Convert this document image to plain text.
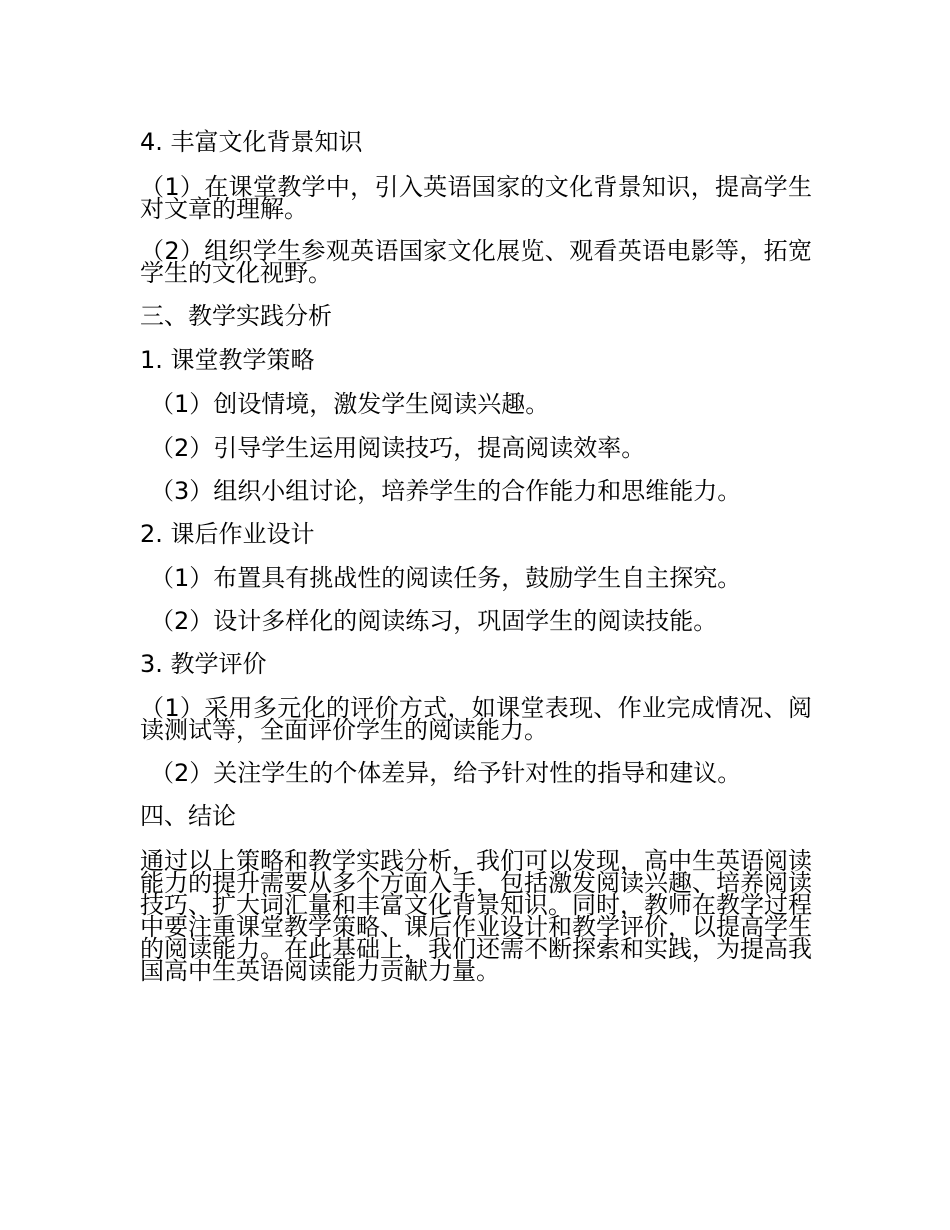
4. 丰富文化背景知识
（1）在课堂教学中，引入英语国家的文化背景知识，提高学生对文章的理解。
（2）组织学生参观英语国家文化展览、观看英语电影等，拓宽学生的文化视野。
三、教学实践分析
1. 课堂教学策略
（1）创设情境，激发学生阅读兴趣。
（2）引导学生运用阅读技巧，提高阅读效率。
（3）组织小组讨论，培养学生的合作能力和思维能力。
2. 课后作业设计
（1）布置具有挑战性的阅读任务，鼓励学生自主探究。
（2）设计多样化的阅读练习，巩固学生的阅读技能。
3. 教学评价
（1）采用多元化的评价方式，如课堂表现、作业完成情况、阅读测试等，全面评价学生的阅读能力。
（2）关注学生的个体差异，给予针对性的指导和建议。
四、结论
通过以上策略和教学实践分析，我们可以发现，高中生英语阅读能力的提升需要从多个方面入手，包括激发阅读兴趣、培养阅读技巧、扩大词汇量和丰富文化背景知识。同时，教师在教学过程中要注重课堂教学策略、课后作业设计和教学评价，以提高学生的阅读能力。在此基础上，我们还需不断探索和实践，为提高我国高中生英语阅读能力贡献力量。
